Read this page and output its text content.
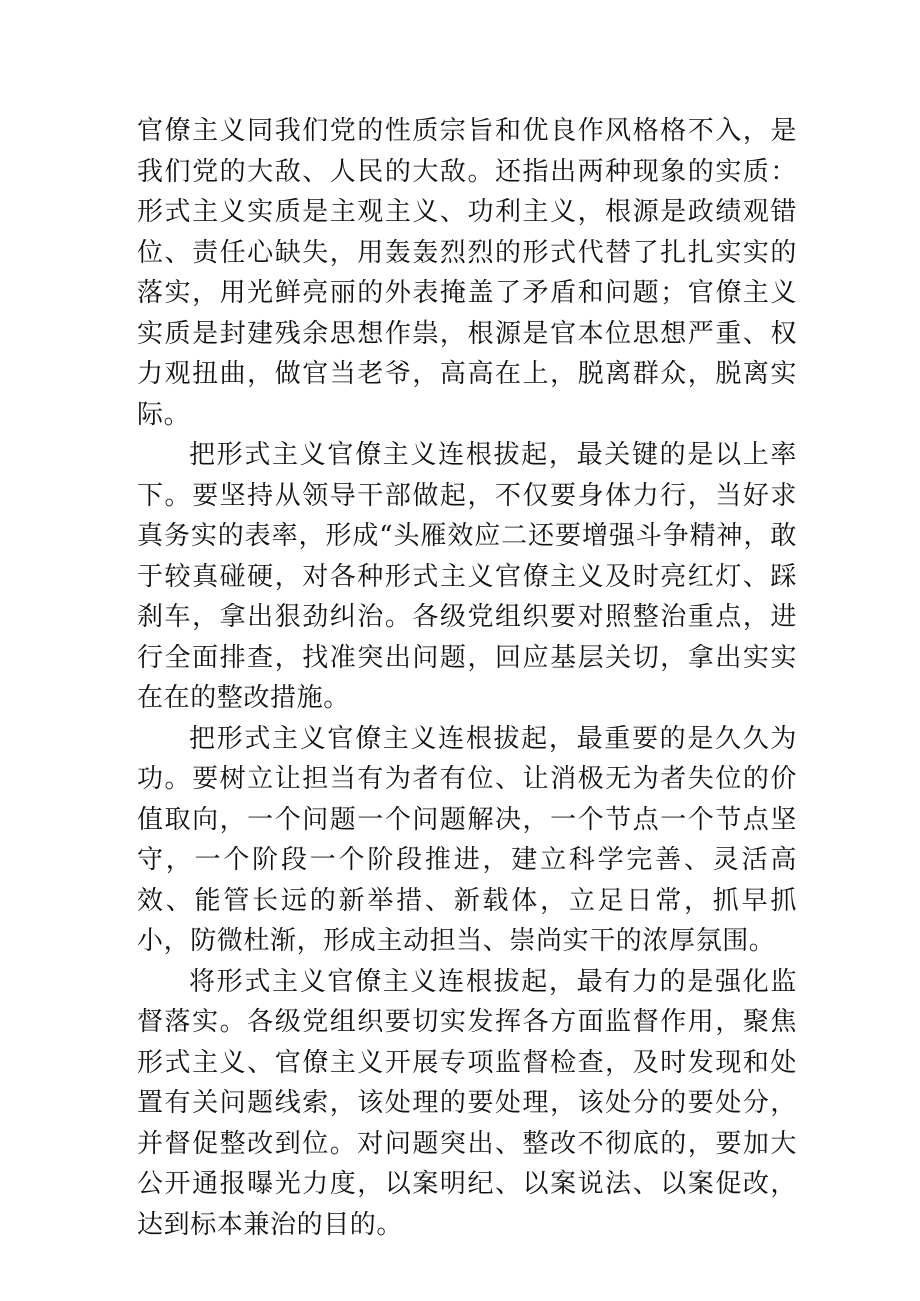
官僚主义同我们党的性质宗旨和优良作风格格不入，是我们党的大敌、人民的大敌。还指出两种现象的实质：形式主义实质是主观主义、功利主义，根源是政绩观错位、责任心缺失，用轰轰烈烈的形式代替了扎扎实实的落实，用光鲜亮丽的外表掩盖了矛盾和问题；官僚主义实质是封建残余思想作祟，根源是官本位思想严重、权力观扭曲，做官当老爷，高高在上，脱离群众，脱离实际。

把形式主义官僚主义连根拔起，最关键的是以上率下。要坚持从领导干部做起，不仅要身体力行，当好求真务实的表率，形成“头雁效应二还要增强斗争精神，敢于较真碰硬，对各种形式主义官僚主义及时亮红灯、踩刹车，拿出狠劲纠治。各级党组织要对照整治重点，进行全面排查，找准突出问题，回应基层关切，拿出实实在在的整改措施。

把形式主义官僚主义连根拔起，最重要的是久久为功。要树立让担当有为者有位、让消极无为者失位的价值取向，一个问题一个问题解决，一个节点一个节点坚守，一个阶段一个阶段推进，建立科学完善、灵活高效、能管长远的新举措、新载体，立足日常，抓早抓小，防微杜渐，形成主动担当、崇尚实干的浓厚氛围。

将形式主义官僚主义连根拔起，最有力的是强化监督落实。各级党组织要切实发挥各方面监督作用，聚焦形式主义、官僚主义开展专项监督检查，及时发现和处置有关问题线索，该处理的要处理，该处分的要处分，并督促整改到位。对问题突出、整改不彻底的，要加大公开通报曝光力度，以案明纪、以案说法、以案促改，达到标本兼治的目的。
